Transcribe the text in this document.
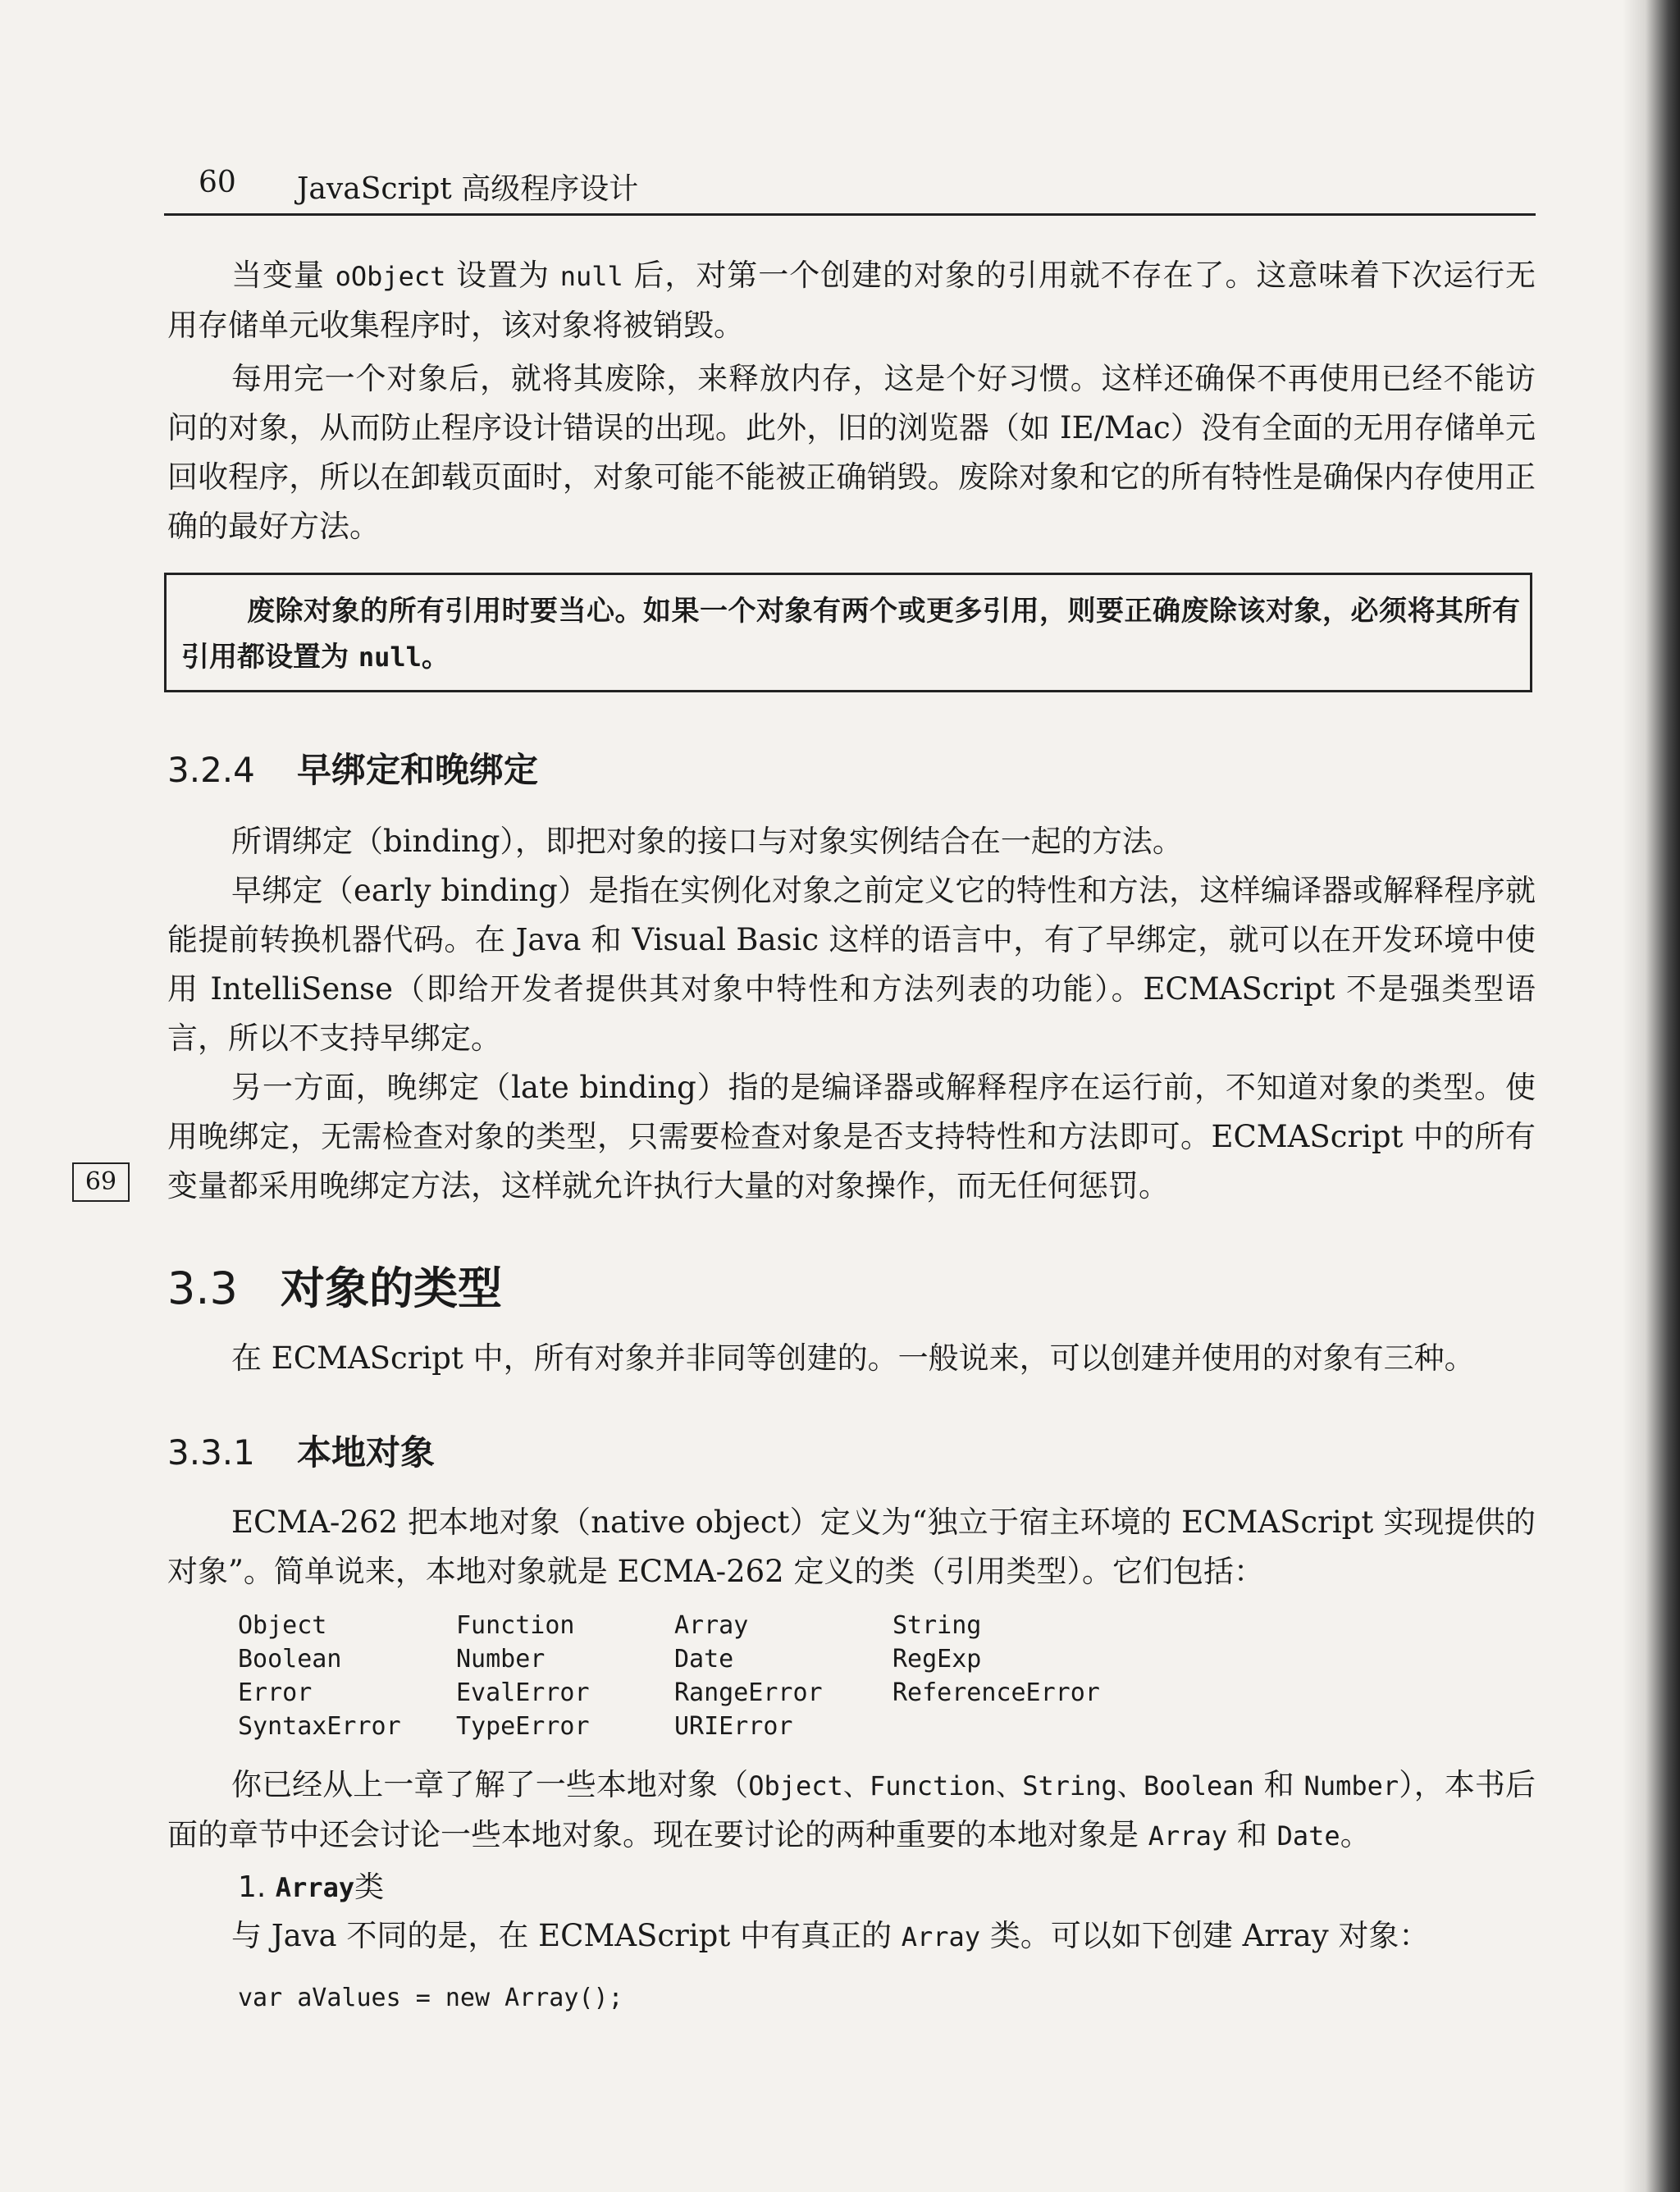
60 JavaScript 高级程序设计

当变量 oObject 设置为 null 后，对第一个创建的对象的引用就不存在了。这意味着下次运行无用存储单元收集程序时，该对象将被销毁。

每用完一个对象后，就将其废除，来释放内存，这是个好习惯。这样还确保不再使用已经不能访问的对象，从而防止程序设计错误的出现。此外，旧的浏览器（如 IE/Mac）没有全面的无用存储单元回收程序，所以在卸载页面时，对象可能不能被正确销毁。废除对象和它的所有特性是确保内存使用正确的最好方法。

废除对象的所有引用时要当心。如果一个对象有两个或更多引用，则要正确废除该对象，必须将其所有引用都设置为 null。

3.2.4 早绑定和晚绑定

所谓绑定（binding），即把对象的接口与对象实例结合在一起的方法。

早绑定（early binding）是指在实例化对象之前定义它的特性和方法，这样编译器或解释程序就能提前转换机器代码。在 Java 和 Visual Basic 这样的语言中，有了早绑定，就可以在开发环境中使用 IntelliSense（即给开发者提供其对象中特性和方法列表的功能）。ECMAScript 不是强类型语言，所以不支持早绑定。

另一方面，晚绑定（late binding）指的是编译器或解释程序在运行前，不知道对象的类型。使用晚绑定，无需检查对象的类型，只需要检查对象是否支持特性和方法即可。ECMAScript 中的所有变量都采用晚绑定方法，这样就允许执行大量的对象操作，而无任何惩罚。

69
3.3 对象的类型

在 ECMAScript 中，所有对象并非同等创建的。一般说来，可以创建并使用的对象有三种。

3.3.1 本地对象

ECMA-262 把本地对象（native object）定义为“独立于宿主环境的 ECMAScript 实现提供的对象”。简单说来，本地对象就是 ECMA-262 定义的类（引用类型）。它们包括：

Object	Function	Array	String
Boolean	Number	Date	RegExp
Error	EvalError	RangeError	ReferenceError
SyntaxError	TypeError	URIError

你已经从上一章了解了一些本地对象（Object、Function、String、Boolean 和 Number），本书后面的章节中还会讨论一些本地对象。现在要讨论的两种重要的本地对象是 Array 和 Date。

1. Array类

与 Java 不同的是，在 ECMAScript 中有真正的 Array 类。可以如下创建 Array 对象：

var aValues = new Array();
